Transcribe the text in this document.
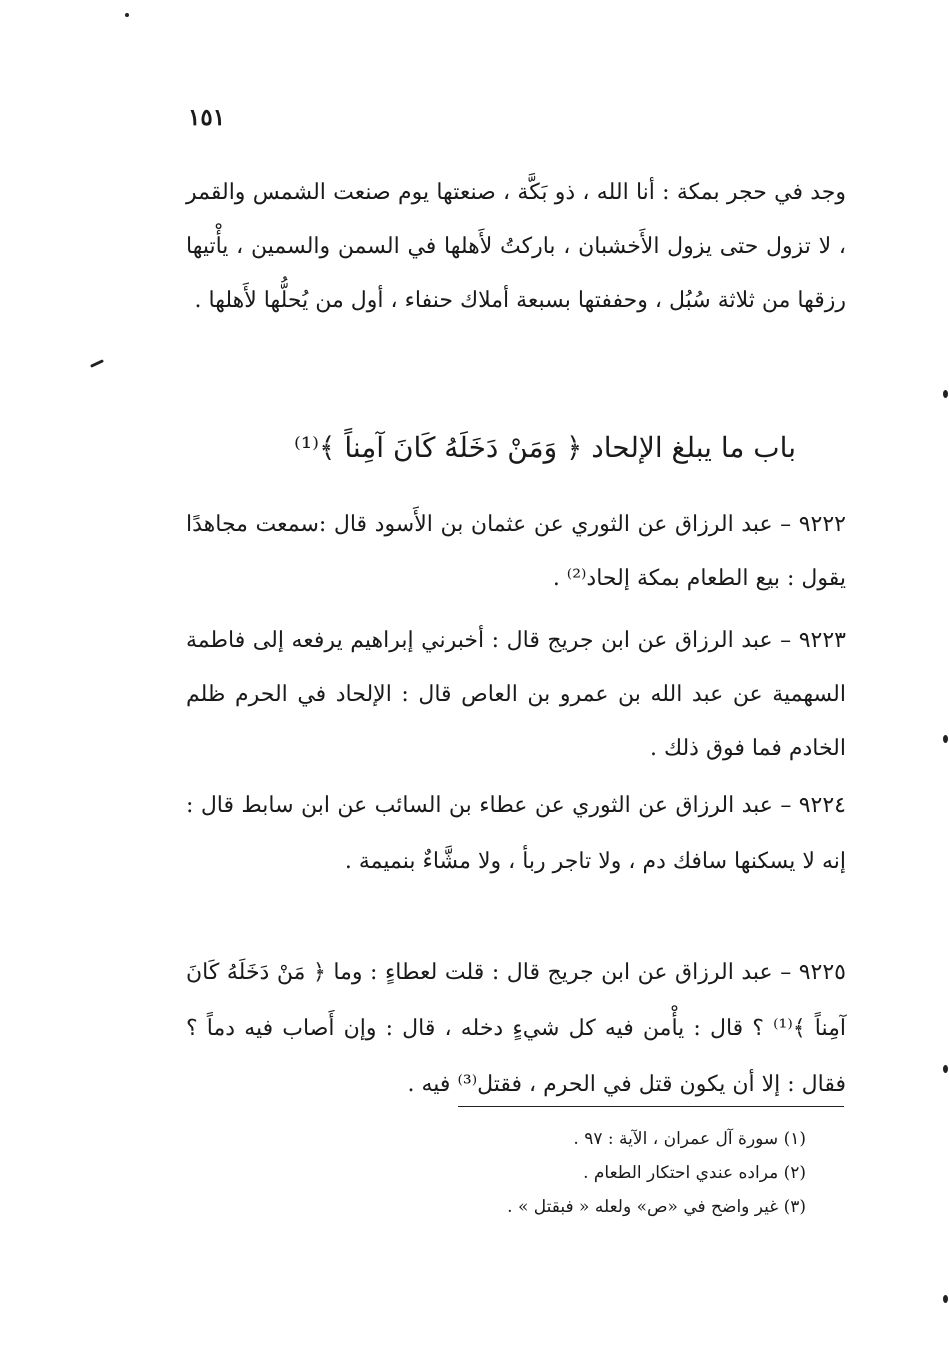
١٥١
وجد في حجر بمكة : أنا الله ، ذو بَكَّة ، صنعتها يوم صنعت الشمس والقمر ، لا تزول حتى يزول الأَخشبان ، باركتُ لأَهلها في السمن والسمين ، يأْتيها رزقها من ثلاثة سُبُل ، وحففتها بسبعة أملاك حنفاء ، أول من يُحلُّها لأَهلها .
باب ما يبلغ الإلحاد ﴿ وَمَنْ دَخَلَهُ كَانَ آمِناً ﴾⁽¹⁾
٩٢٢٢ – عبد الرزاق عن الثوري عن عثمان بن الأَسود قال :سمعت مجاهدًا يقول : بيع الطعام بمكة إلحاد⁽²⁾ .
٩٢٢٣ – عبد الرزاق عن ابن جريج قال : أخبرني إبراهيم يرفعه إلى فاطمة السهمية عن عبد الله بن عمرو بن العاص قال : الإلحاد في الحرم ظلم الخادم فما فوق ذلك .
٩٢٢٤ – عبد الرزاق عن الثوري عن عطاء بن السائب عن ابن سابط قال : إنه لا يسكنها سافك دم ، ولا تاجر ربأ ، ولا مشَّاءٌ بنميمة .
٩٢٢٥ – عبد الرزاق عن ابن جريج قال : قلت لعطاءٍ : وما ﴿ مَنْ دَخَلَهُ كَانَ آمِناً ﴾⁽¹⁾ ؟ قال : يأْمن فيه كل شيءٍ دخله ، قال : وإن أَصاب فيه دماً ؟ فقال : إلا أن يكون قتل في الحرم ، فقتل⁽³⁾ فيه .
(١) سورة آل عمران ، الآية : ٩٧ .
(٢) مراده عندي احتكار الطعام .
(٣) غير واضح في «ص» ولعله « فبقتل » .
